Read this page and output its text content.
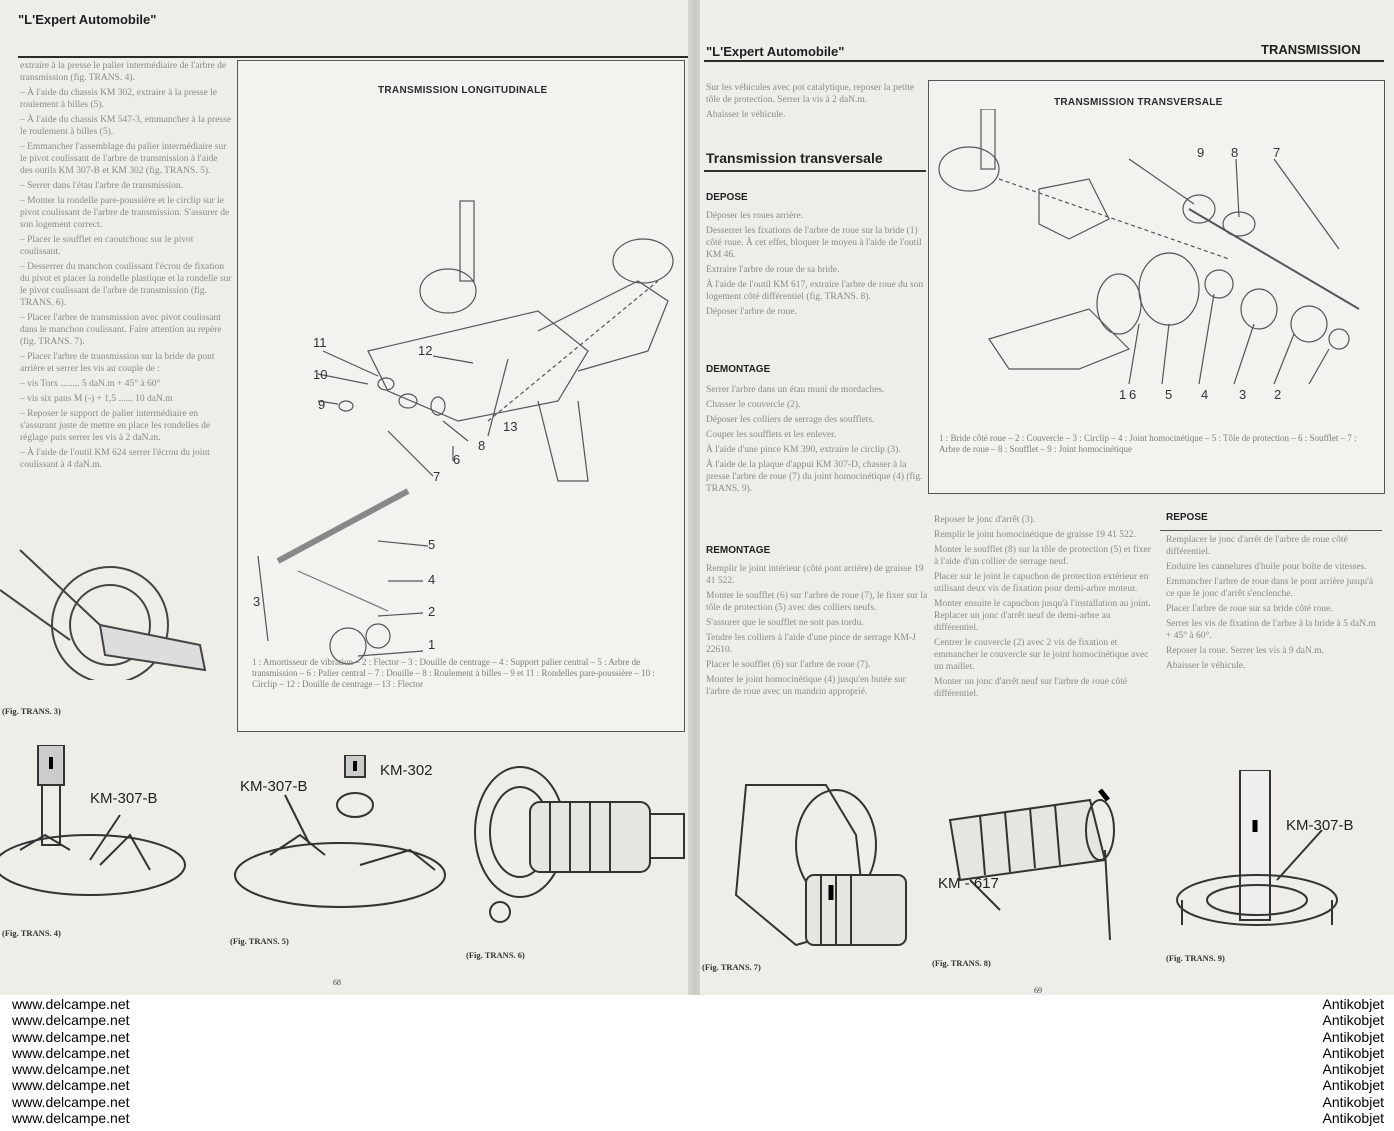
"L'Expert Automobile"

extraire à la presse le palier intermédiaire de l'arbre de transmission (fig. TRANS. 4).

– À l'aide du chassis KM 302, extraire à la presse le roulement à billes (5).

– À l'aide du chassis KM 547-3, emmancher à la presse le roulement à billes (5).

– Emmancher l'assemblage du palier intermédiaire sur le pivot coulissant de l'arbre de transmission à l'aide des outils KM 307-B et KM 302 (fig. TRANS. 5).

– Serrer dans l'étau l'arbre de transmission.

– Monter la rondelle pare-poussière et le circlip sur le pivot coulissant de l'arbre de transmission. S'assurer de son logement correct.

– Placer le soufflet en caoutchouc sur le pivot coulissant.

– Desserrer du manchon coulissant l'écrou de fixation du pivot et placer la rondelle plastique et la rondelle sur le pivot coulissant de l'arbre de transmission (fig. TRANS. 6).

– Placer l'arbre de transmission avec pivot coulissant dans le manchon coulissant. Faire attention au repère (fig. TRANS. 7).

– Placer l'arbre de transmission sur la bride de pont arrière et serrer les vis au couple de :

– vis Torx ........ 5 daN.m + 45° à 60°

– vis six pans M (-) + 1,5 ...... 10 daN.m

– Reposer le support de palier intermédiaire en s'assurant juste de mettre en place les rondelles de réglage puis serrer les vis à 2 daN.m.

– À l'aide de l'outil KM 624 serrer l'écrou du joint coulissant à 4 daN.m.

TRANSMISSION LONGITUDINALE
1
2
3
4
5
6
7
8
9
10
11
12
13
1 : Amortisseur de vibration – 2 : Flector – 3 : Douille de centrage – 4 : Support palier central – 5 : Arbre de transmission – 6 : Palier central – 7 : Douille – 8 : Roulement à billes – 9 et 11 : Rondelles pare-poussière – 10 : Circlip – 12 : Douille de centrage – 13 : Flector
(Fig. TRANS. 3)
KM-307-B
(Fig. TRANS. 4)
KM-307-B
KM-302
(Fig. TRANS. 5)
(Fig. TRANS. 6)
68
"L'Expert Automobile"	TRANSMISSION

Sur les véhicules avec pot catalytique, reposer la petite tôle de protection. Serrer la vis à 2 daN.m.

Abaisser le véhicule.

Transmission transversale
DEPOSE

Déposer les roues arrière.

Desserrer les fixations de l'arbre de roue sur la bride (1) côté roue. À cet effet, bloquer le moyeu à l'aide de l'outil KM 46.

Extraire l'arbre de roue de sa bride.

À l'aide de l'outil KM 617, extraire l'arbre de roue du son logement côté différentiel (fig. TRANS. 8).

Déposer l'arbre de roue.

DEMONTAGE

Serrer l'arbre dans un étau muni de mordaches.

Chasser le couvercle (2).

Déposer les colliers de serrage des soufflets.

Couper les soufflets et les enlever.

À l'aide d'une pince KM 390, extraire le circlip (3).

À l'aide de la plaque d'appui KM 307-D, chasser à la presse l'arbre de roue (7) du joint homocinétique (4) (fig. TRANS. 9).

REMONTAGE

Remplir le joint intérieur (côté pont arrière) de graisse 19 41 522.

Monter le soufflet (6) sur l'arbre de roue (7), le fixer sur la tôle de protection (5) avec des colliers neufs.

S'assurer que le soufflet ne soit pas tordu.

Tendre les colliers à l'aide d'une pince de serrage KM-J 22610.

Placer le soufflet (6) sur l'arbre de roue (7).

Monter le joint homocinétique (4) jusqu'en butée sur l'arbre de roue avec un mandrin approprié.

TRANSMISSION TRANSVERSALE
1	2
3
4
5
6
7
8
9
1 : Bride côté roue – 2 : Couvercle – 3 : Circlip – 4 : Joint homocinétique – 5 : Tôle de protection – 6 : Soufflet – 7 : Arbre de roue – 8 : Soufflet – 9 : Joint homocinétique

Reposer le jonc d'arrêt (3).

Remplir le joint homocinétique de graisse 19 41 522.

Monter le soufflet (8) sur la tôle de protection (5) et fixer à l'aide d'un collier de serrage neuf.

Placer sur le joint le capuchon de protection extérieur en utilisant deux vis de fixation pour demi-arbre moteur.

Monter ensuite le capuchon jusqu'à l'installation au joint. Replacer un jonc d'arrêt neuf de demi-arbre au différentiel.

Centrer le couvercle (2) avec 2 vis de fixation et emmancher le couvercle sur le joint homocinétique avec un maillet.

Monter un jonc d'arrêt neuf sur l'arbre de roue côté différentiel.

REPOSE

Remplacer le jonc d'arrêt de l'arbre de roue côté différentiel.

Enduire les cannelures d'huile pour boîte de vitesses.

Emmancher l'arbre de roue dans le pont arrière jusqu'à ce que le jonc d'arrêt s'enclenche.

Placer l'arbre de roue sur sa bride côté roue.

Serrer les vis de fixation de l'arbre à la bride à 5 daN.m + 45° à 60°.

Reposer la roue. Serrer les vis à 9 daN.m.

Abaisser le véhicule.

(Fig. TRANS. 7)
KM - 617
(Fig. TRANS. 8)
KM-307-B
(Fig. TRANS. 9)
69
www.delcampe.net
www.delcampe.net
www.delcampe.net
www.delcampe.net
www.delcampe.net
www.delcampe.net
www.delcampe.net
www.delcampe.net
Antikobjet
Antikobjet
Antikobjet
Antikobjet
Antikobjet
Antikobjet
Antikobjet
Antikobjet
